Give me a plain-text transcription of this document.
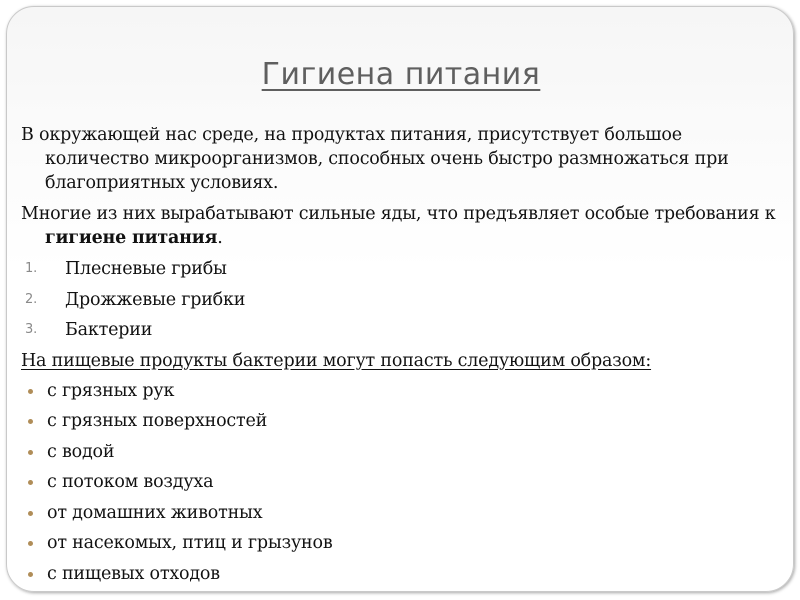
Гигиена питания
В окружающей нас среде, на продуктах питания, присутствует большое количество микроорганизмов, способных очень быстро размножаться при благоприятных условиях.
Многие из них вырабатывают сильные яды, что предъявляет особые требования к гигиене питания.
1. Плесневые грибы
2. Дрожжевые грибки
3. Бактерии
На пищевые продукты бактерии могут попасть следующим образом:
с грязных рук
с грязных поверхностей
с водой
с потоком воздуха
от домашних животных
от насекомых, птиц и грызунов
с пищевых отходов
